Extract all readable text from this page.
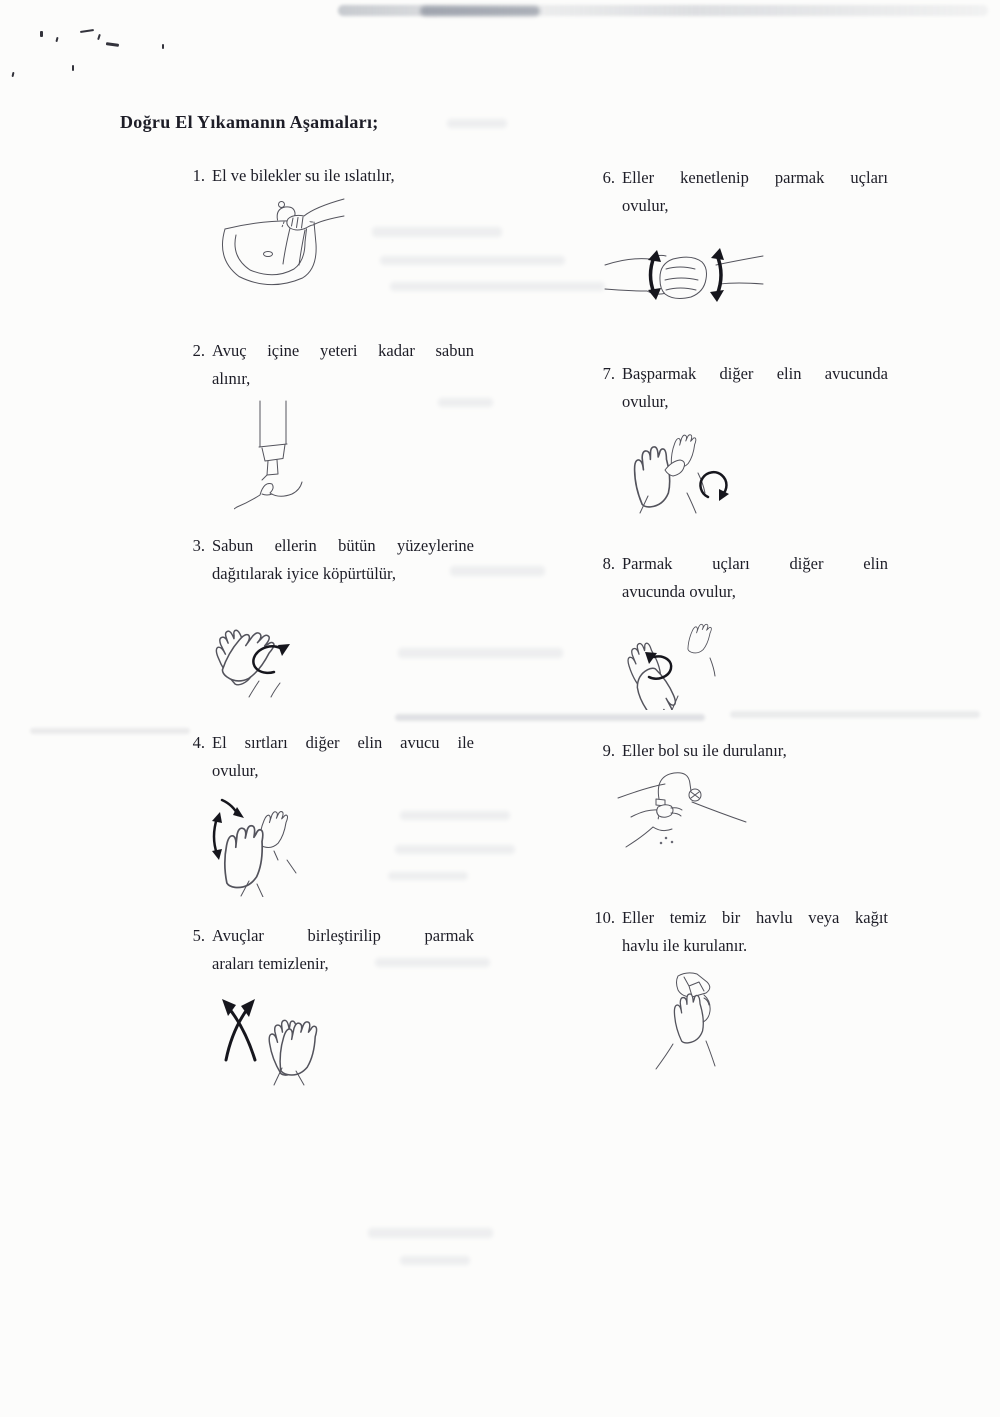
Doğru El Yıkamanın Aşamaları;
1. El ve bilekler su ile ıslatılır,
2. Avuç içine yeteri kadar sabun
alınır,
3. Sabun ellerin bütün yüzeylerine
dağıtılarak iyice köpürtülür,
4. El sırtları diğer elin avucu ile
ovulur,
5. Avuçlar birleştirilip parmak
araları temizlenir,
6. Eller kenetlenip parmak uçları
ovulur,
7. Başparmak diğer elin avucunda
ovulur,
8. Parmak uçları diğer elin
avucunda ovulur,
9. Eller bol su ile durulanır,
10. Eller temiz bir havlu veya kağıt
havlu ile kurulanır.
